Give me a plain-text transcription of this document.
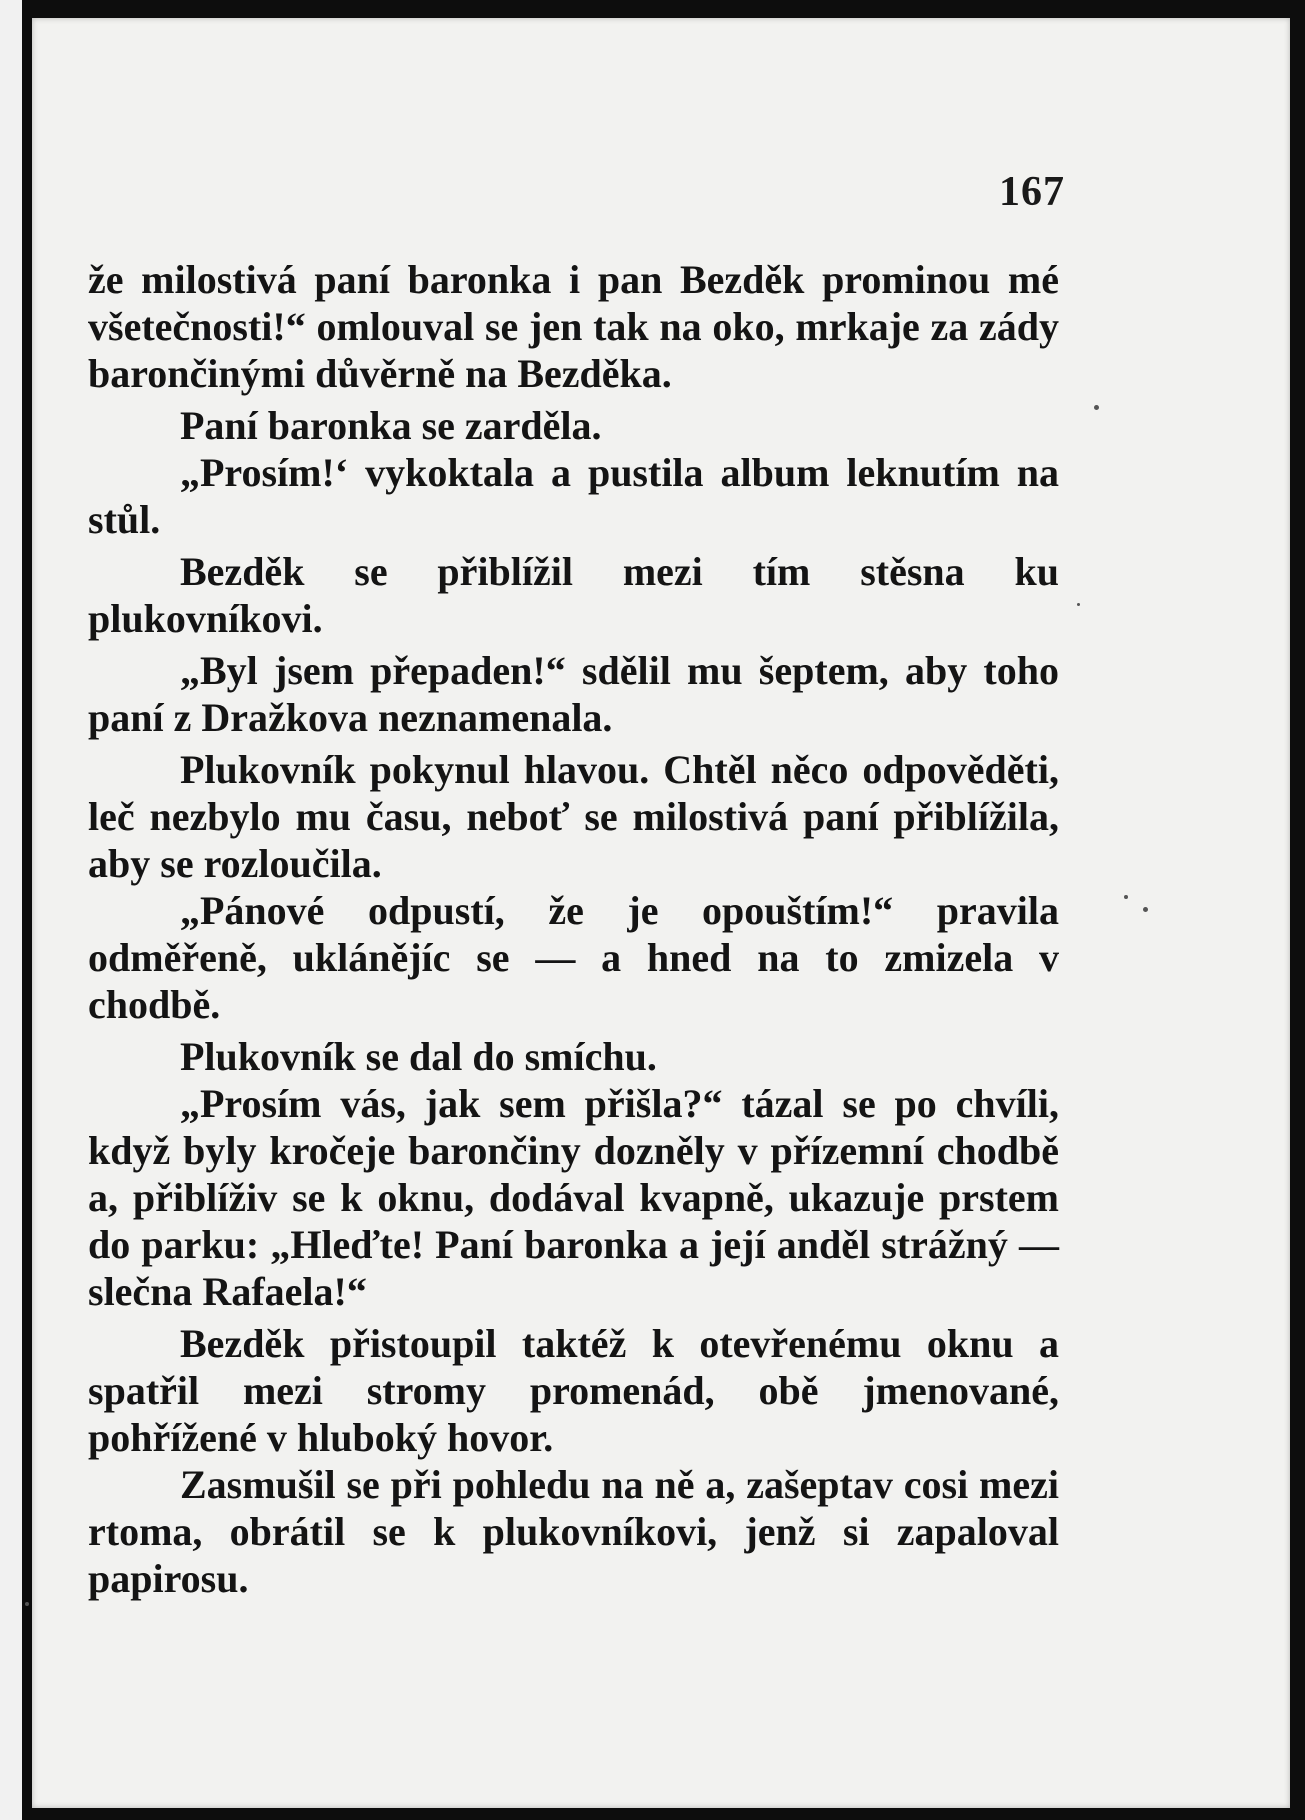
167

že milostivá paní baronka i pan Bezděk prominou mé všetečnosti!“ omlouval se jen tak na oko, mrkaje za zády barončinými důvěrně na Bezděka.

Paní baronka se zarděla.

„Prosím!‘ vykoktala a pustila album leknutím na stůl.

Bezděk se přiblížil mezi tím stěsna ku plukovníkovi.

„Byl jsem přepaden!“ sdělil mu šeptem, aby toho paní z Dražkova neznamenala.

Plukovník pokynul hlavou. Chtěl něco odpověděti, leč nezbylo mu času, neboť se milostivá paní přiblížila, aby se rozloučila.

„Pánové odpustí, že je opouštím!“ pravila odměřeně, uklánějíc se — a hned na to zmizela v chodbě.

Plukovník se dal do smíchu.

„Prosím vás, jak sem přišla?“ tázal se po chvíli, když byly kročeje barončiny dozněly v přízemní chodbě a, přiblíživ se k oknu, dodával kvapně, ukazuje prstem do parku: „Hleďte! Paní baronka a její anděl strážný — slečna Rafaela!“

Bezděk přistoupil taktéž k otevřenému oknu a spatřil mezi stromy promenád, obě jmenované, pohřížené v hluboký hovor.

Zasmušil se při pohledu na ně a, zašeptav cosi mezi rtoma, obrátil se k plukovníkovi, jenž si zapaloval papirosu.
